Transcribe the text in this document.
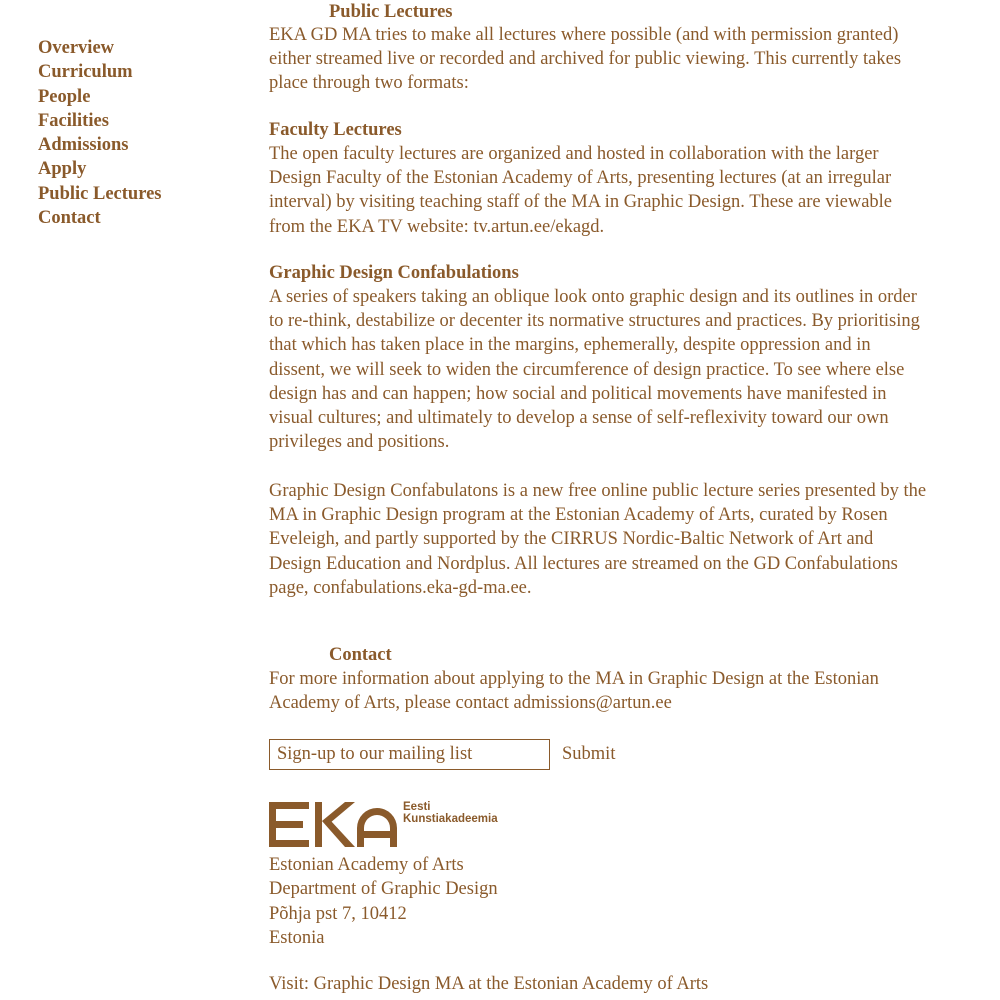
Overview
Curriculum
People
Facilities
Admissions
Apply
Public Lectures
Contact
Public Lectures

EKA GD MA tries to make all lectures where possible (and with permission granted) either streamed live or recorded and archived for public viewing. This currently takes place through two formats:

Faculty Lectures

The open faculty lectures are organized and hosted in collaboration with the larger Design Faculty of the Estonian Academy of Arts, presenting lectures (at an irregular interval) by visiting teaching staff of the MA in Graphic Design. These are viewable from the EKA TV website: tv.artun.ee/ekagd.

Graphic Design Confabulations

A series of speakers taking an oblique look onto graphic design and its outlines in order to re-think, destabilize or decenter its normative structures and practices. By prioritising that which has taken place in the margins, ephemerally, despite oppression and in dissent, we will seek to widen the circumference of design practice. To see where else design has and can happen; how social and political movements have manifested in visual cultures; and ultimately to develop a sense of self-reflexivity toward our own privileges and positions.

Graphic Design Confabulatons is a new free online public lecture series presented by the MA in Graphic Design program at the Estonian Academy of Arts, curated by Rosen Eveleigh, and partly supported by the CIRRUS Nordic-Baltic Network of Art and Design Education and Nordplus. All lectures are streamed on the GD Confabulations page, confabulations.eka-gd-ma.ee.

Contact

For more information about applying to the MA in Graphic Design at the Estonian Academy of Arts, please contact admissions@artun.ee

Sign-up to our mailing list
Submit
Eesti
Kunstiakadeemia
Estonian Academy of Arts
Department of Graphic Design
Põhja pst 7, 10412
Estonia
Visit: Graphic Design MA at the Estonian Academy of Arts
